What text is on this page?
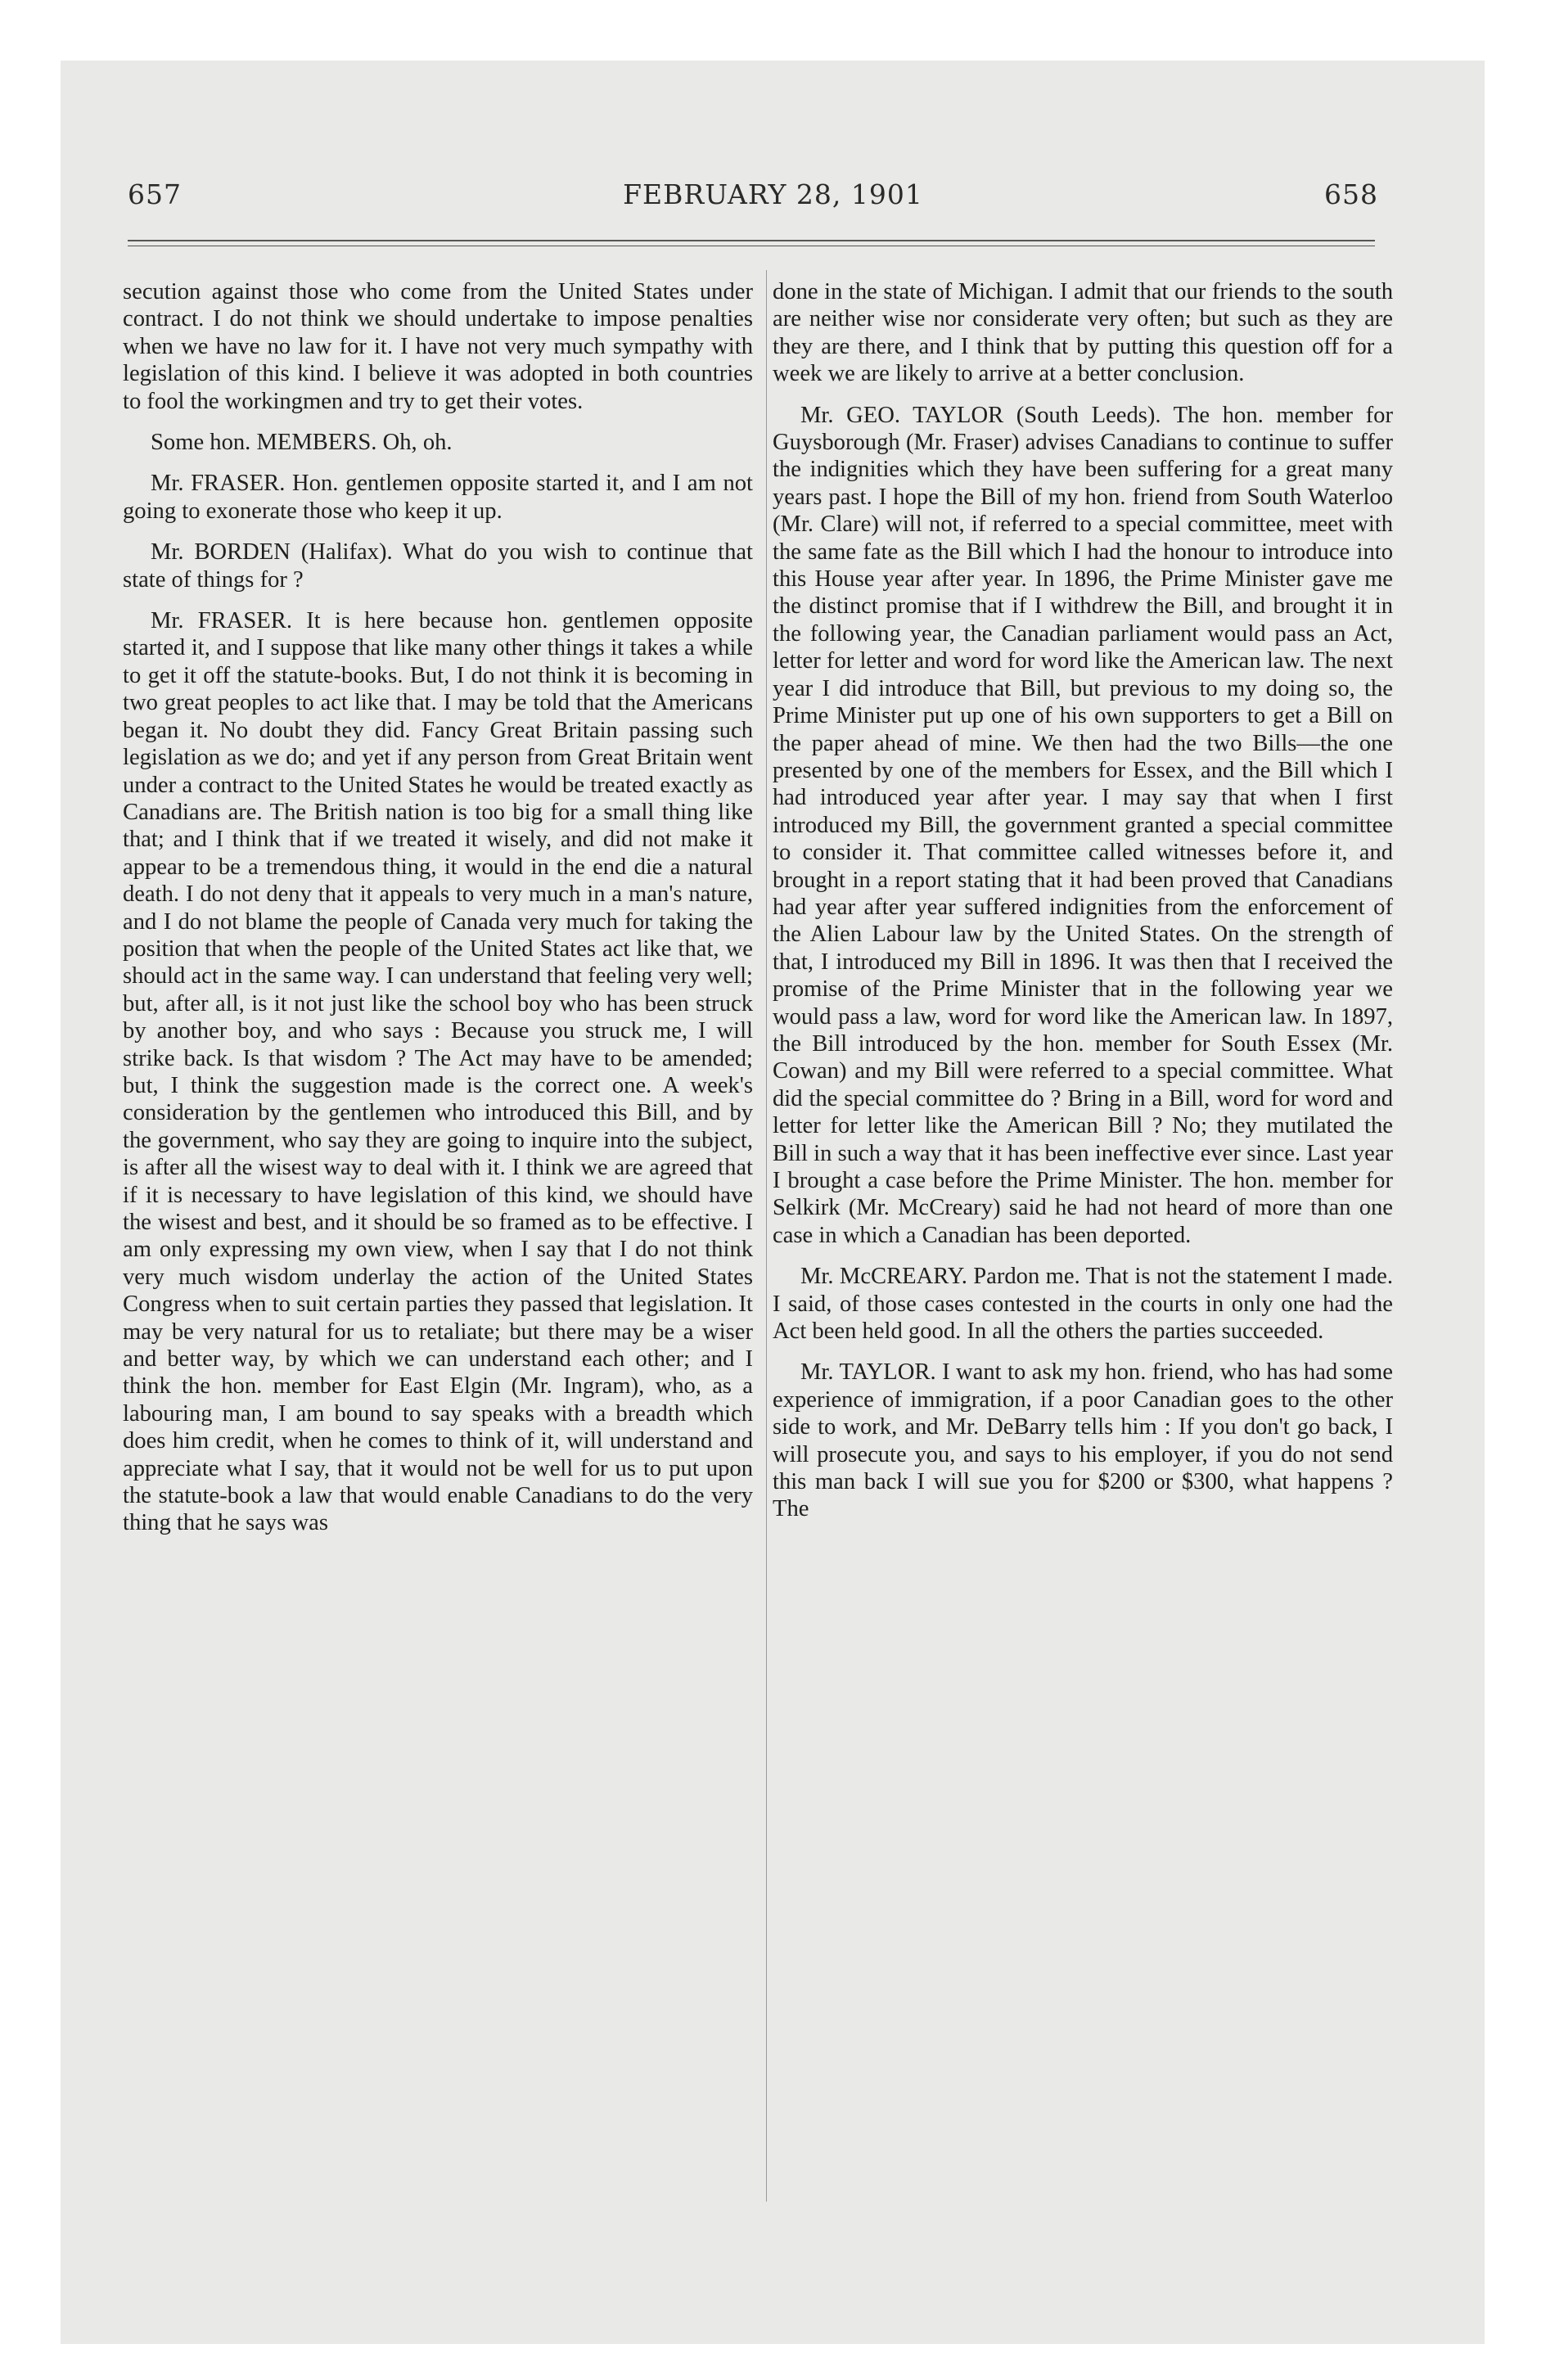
657	FEBRUARY 28, 1901	658

secution against those who come from the United States under contract. I do not think we should undertake to impose penalties when we have no law for it. I have not very much sympathy with legislation of this kind. I believe it was adopted in both countries to fool the workingmen and try to get their votes.

Some hon. MEMBERS. Oh, oh.

Mr. FRASER. Hon. gentlemen opposite started it, and I am not going to exonerate those who keep it up.

Mr. BORDEN (Halifax). What do you wish to continue that state of things for ?

Mr. FRASER. It is here because hon. gentlemen opposite started it, and I suppose that like many other things it takes a while to get it off the statute-books. But, I do not think it is becoming in two great peoples to act like that. I may be told that the Americans began it. No doubt they did. Fancy Great Britain passing such legislation as we do; and yet if any person from Great Britain went under a contract to the United States he would be treated exactly as Canadians are. The British nation is too big for a small thing like that; and I think that if we treated it wisely, and did not make it appear to be a tremendous thing, it would in the end die a natural death. I do not deny that it appeals to very much in a man's nature, and I do not blame the people of Canada very much for taking the position that when the people of the United States act like that, we should act in the same way. I can understand that feeling very well; but, after all, is it not just like the school boy who has been struck by another boy, and who says : Because you struck me, I will strike back. Is that wisdom ? The Act may have to be amended; but, I think the suggestion made is the correct one. A week's consideration by the gentlemen who introduced this Bill, and by the government, who say they are going to inquire into the subject, is after all the wisest way to deal with it. I think we are agreed that if it is necessary to have legislation of this kind, we should have the wisest and best, and it should be so framed as to be effective. I am only expressing my own view, when I say that I do not think very much wisdom underlay the action of the United States Congress when to suit certain parties they passed that legislation. It may be very natural for us to retaliate; but there may be a wiser and better way, by which we can understand each other; and I think the hon. member for East Elgin (Mr. Ingram), who, as a labouring man, I am bound to say speaks with a breadth which does him credit, when he comes to think of it, will understand and appreciate what I say, that it would not be well for us to put upon the statute-book a law that would enable Canadians to do the very thing that he says was

done in the state of Michigan. I admit that our friends to the south are neither wise nor considerate very often; but such as they are they are there, and I think that by putting this question off for a week we are likely to arrive at a better conclusion.

Mr. GEO. TAYLOR (South Leeds). The hon. member for Guysborough (Mr. Fraser) advises Canadians to continue to suffer the indignities which they have been suffering for a great many years past. I hope the Bill of my hon. friend from South Waterloo (Mr. Clare) will not, if referred to a special committee, meet with the same fate as the Bill which I had the honour to introduce into this House year after year. In 1896, the Prime Minister gave me the distinct promise that if I withdrew the Bill, and brought it in the following year, the Canadian parliament would pass an Act, letter for letter and word for word like the American law. The next year I did introduce that Bill, but previous to my doing so, the Prime Minister put up one of his own supporters to get a Bill on the paper ahead of mine. We then had the two Bills—the one presented by one of the members for Essex, and the Bill which I had introduced year after year. I may say that when I first introduced my Bill, the government granted a special committee to consider it. That committee called witnesses before it, and brought in a report stating that it had been proved that Canadians had year after year suffered indignities from the enforcement of the Alien Labour law by the United States. On the strength of that, I introduced my Bill in 1896. It was then that I received the promise of the Prime Minister that in the following year we would pass a law, word for word like the American law. In 1897, the Bill introduced by the hon. member for South Essex (Mr. Cowan) and my Bill were referred to a special committee. What did the special committee do ? Bring in a Bill, word for word and letter for letter like the American Bill ? No; they mutilated the Bill in such a way that it has been ineffective ever since. Last year I brought a case before the Prime Minister. The hon. member for Selkirk (Mr. McCreary) said he had not heard of more than one case in which a Canadian has been deported.

Mr. McCREARY. Pardon me. That is not the statement I made. I said, of those cases contested in the courts in only one had the Act been held good. In all the others the parties succeeded.

Mr. TAYLOR. I want to ask my hon. friend, who has had some experience of immigration, if a poor Canadian goes to the other side to work, and Mr. DeBarry tells him : If you don't go back, I will prosecute you, and says to his employer, if you do not send this man back I will sue you for $200 or $300, what happens ? The
